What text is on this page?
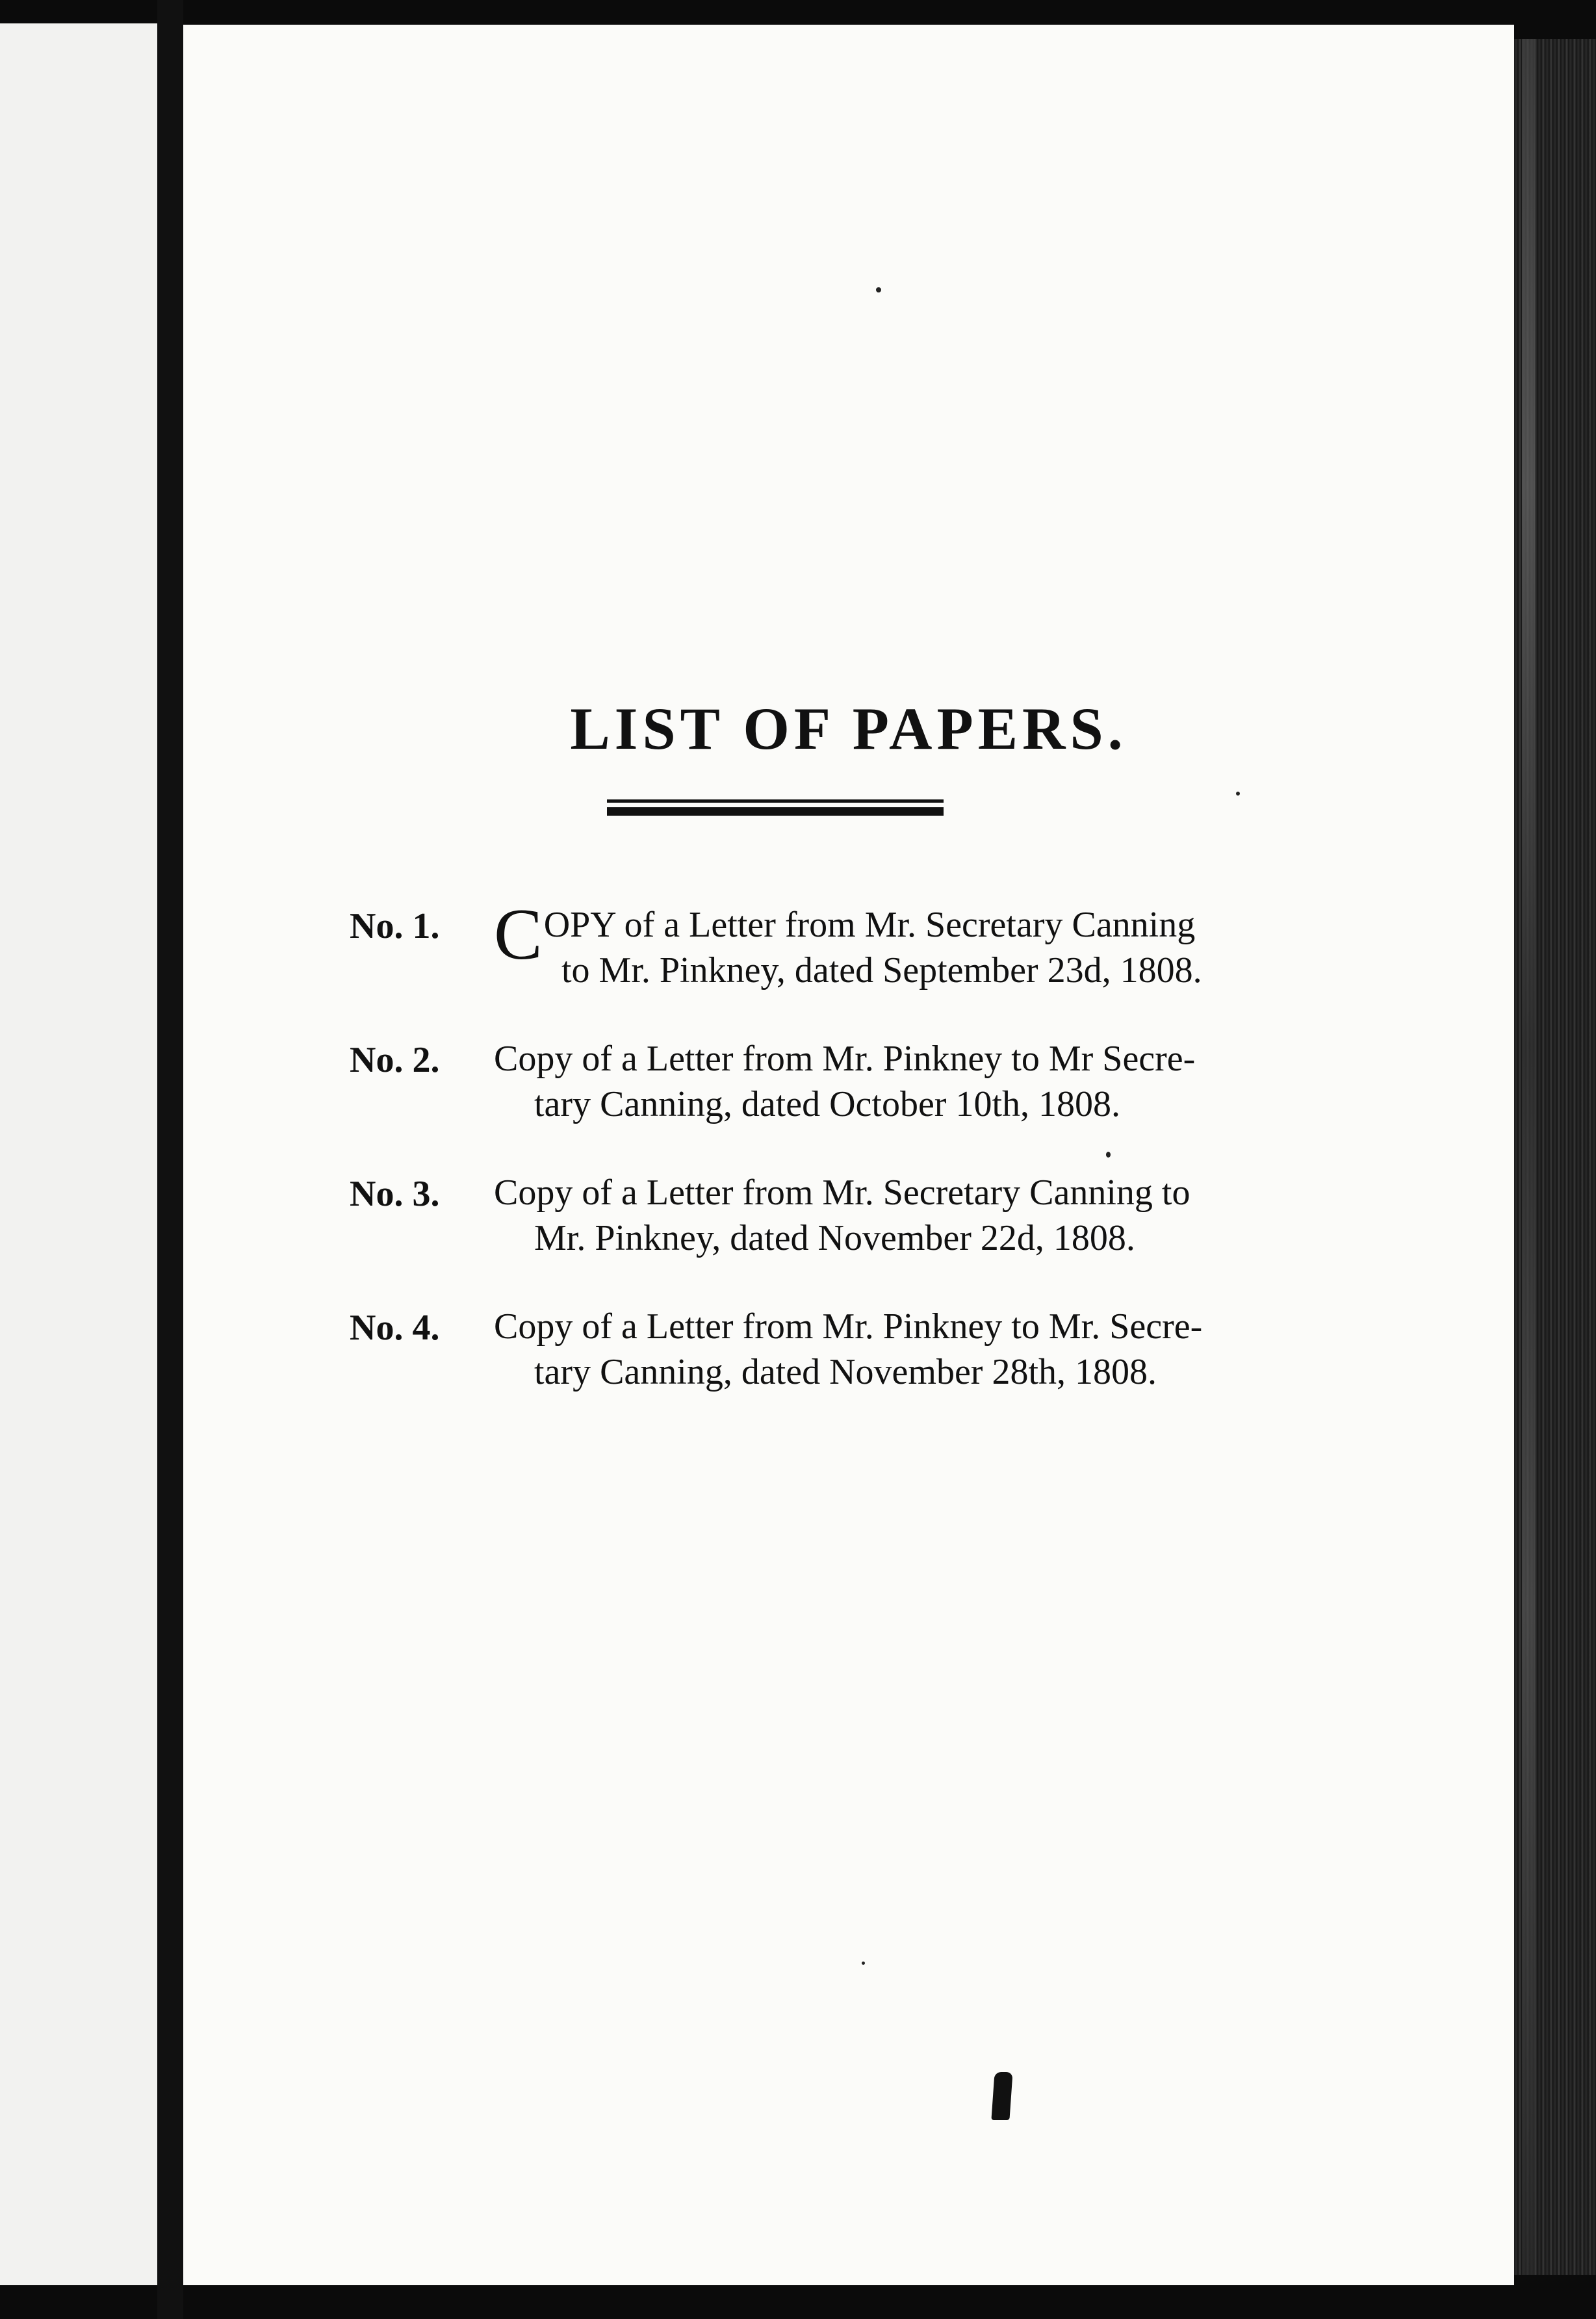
LIST OF PAPERS.
No. 1. COPY of a Letter from Mr. Secretary Canning
to Mr. Pinkney, dated September 23d, 1808.
No. 2. Copy of a Letter from Mr. Pinkney to Mr Secre-
tary Canning, dated October 10th, 1808.
No. 3. Copy of a Letter from Mr. Secretary Canning to
Mr. Pinkney, dated November 22d, 1808.
No. 4. Copy of a Letter from Mr. Pinkney to Mr. Secre-
tary Canning, dated November 28th, 1808.
